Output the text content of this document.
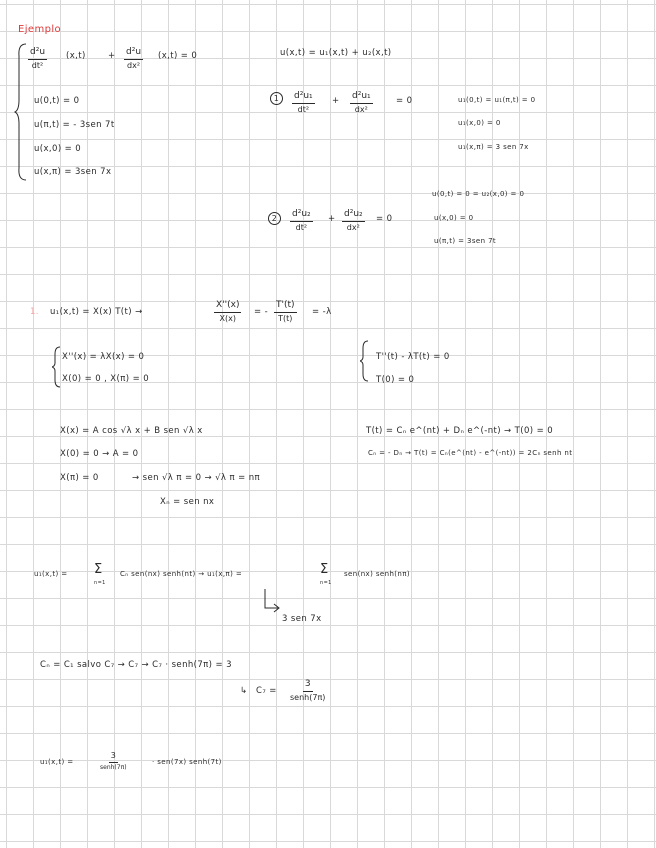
Ejemplo
$\frac{\text{d²u}}{\text{dt²}} (x,t)$	+ $\frac{\text{d²u}}{\text{dx²}} (x,t) = 0$
u(0,t) = 0
u(π,t) = - 3sen 7t
u(x,0) = 0
u(x,π) = 3sen 7x
u(x,t) = u₁(x,t) + u₂(x,t)
1	$\frac{\text{d²u₁}}{\text{dt²}} + \frac{\text{d²u₁}}{\text{dx²}}$	= 0	u₁(0,t) = u₁(π,t) = 0
u₁(x,0) = 0
u₁(x,π) = 3 sen 7x
u(0,t) = 0 = u₂(x,0) = 0
2	$\frac{\text{d²u₂}}{\text{dt²}} + \frac{\text{d²u₂}}{\text{dx²}} = 0$	u(x,0) = 0
u(π,t) = 3sen 7t
1. u₁(x,t) = X(x) T(t) →	$\frac{X''(x)}{X(x)}$ = - $\frac{T'(t)}{T(t)} = -\lambda$
X''(x) = λX(x) = 0
X(0) = 0 , X(π) = 0
T''(t) - λT(t) = 0
T(0) = 0
X(x) = A cos √λ x + B sen √λ x
X(0) = 0 → A = 0
X(π) = 0	→ sen √λ π = 0 → √λ π = nπ
Xₙ = sen nx
T(t) = Cₙ e^(nt) + Dₙ e^(-nt) → T(0) = 0
Cₙ = - Dₙ → T(t) = Cₙ(e^(nt) - e^(-nt)) = 2Cₙ senh nt
u₁(x,t) = Σ
n=1
Cₙ sen(nx) senh(nt) → u₁(x,π) =	Σ
n=1
sen(nx) senh(nπ)
3 sen 7x
Cₙ = C₁ salvo C₇ → C₇ → C₇ · senh(7π) = 3
↳ C₇ =
3
senh(7π)
u₁(x,t) =
3
senh(7π)
· sen(7x) senh(7t)
